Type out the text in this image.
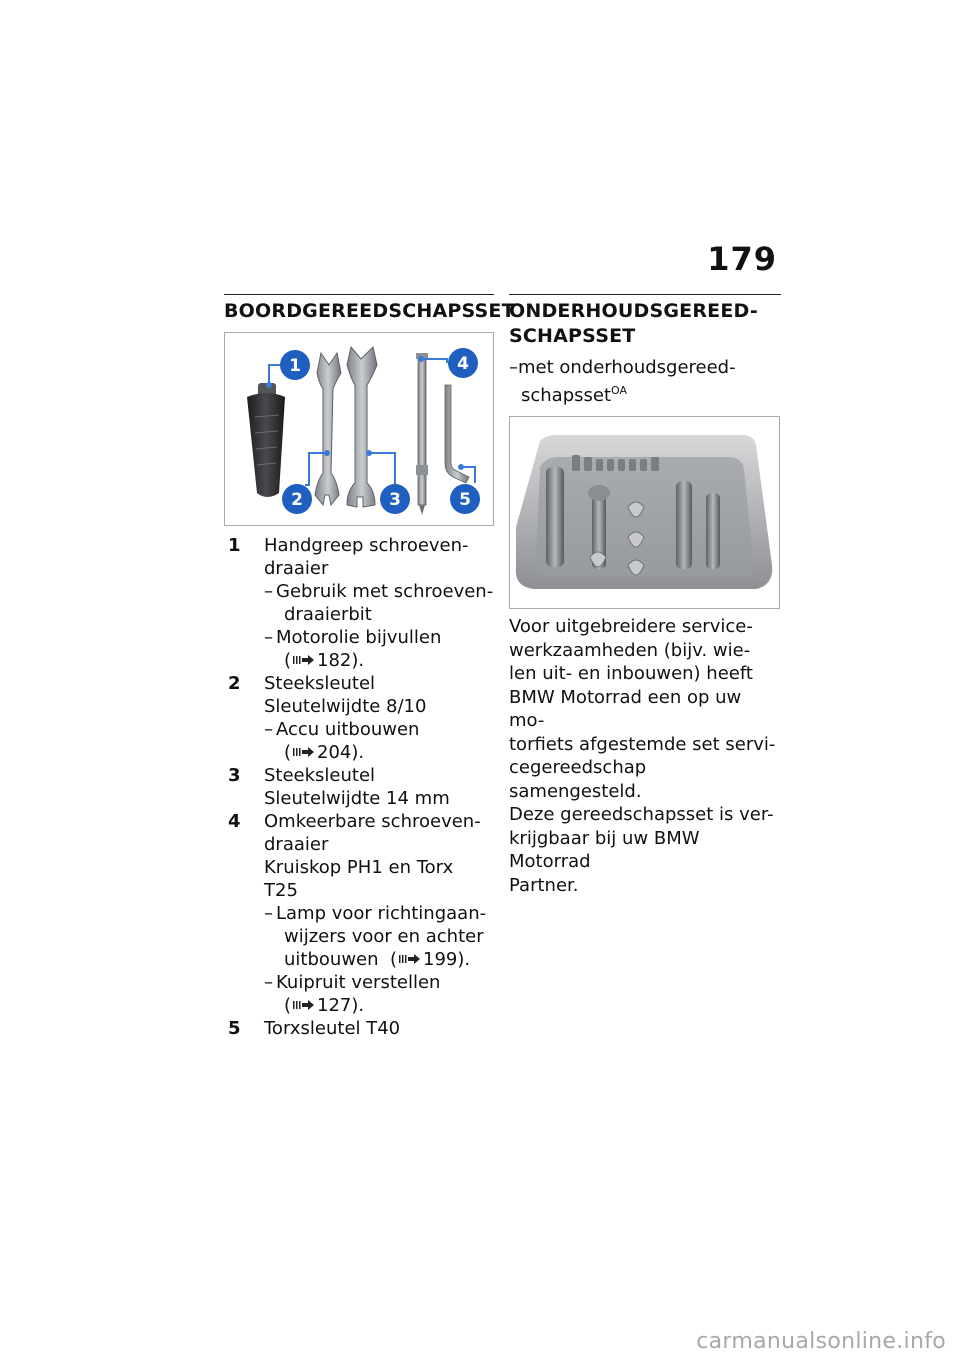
179
BOORDGEREEDSCHAPSSET
1
2	3
4
5
1 Handgreep schroeven-
draaier
– Gebruik met schroeven-
draaierbit
– Motorolie bijvullen
( 182).
2 Steeksleutel
Sleutelwijdte 8/10
– Accu uitbouwen
( 204).
3 Steeksleutel
Sleutelwijdte 14 mm
4 Omkeerbare schroeven-
draaier
Kruiskop PH1 en Torx
T25
– Lamp voor richtingaan-
wijzers voor en achter
uitbouwen ( 199).
– Kuipruit verstellen
( 127).
5 Torxsleutel T40
ONDERHOUDSGEREED-
SCHAPSSET
–met onderhoudsgereed-
schapsset$^{OA}$
Voor uitgebreidere service-
werkzaamheden (bijv. wie-
len uit- en inbouwen) heeft
BMW Motorrad een op uw mo-
torfiets afgestemde set servi-
cegereedschap samengesteld.
Deze gereedschapsset is ver-
krijgbaar bij uw BMW Motorrad
Partner.
carmanualsonline.info
